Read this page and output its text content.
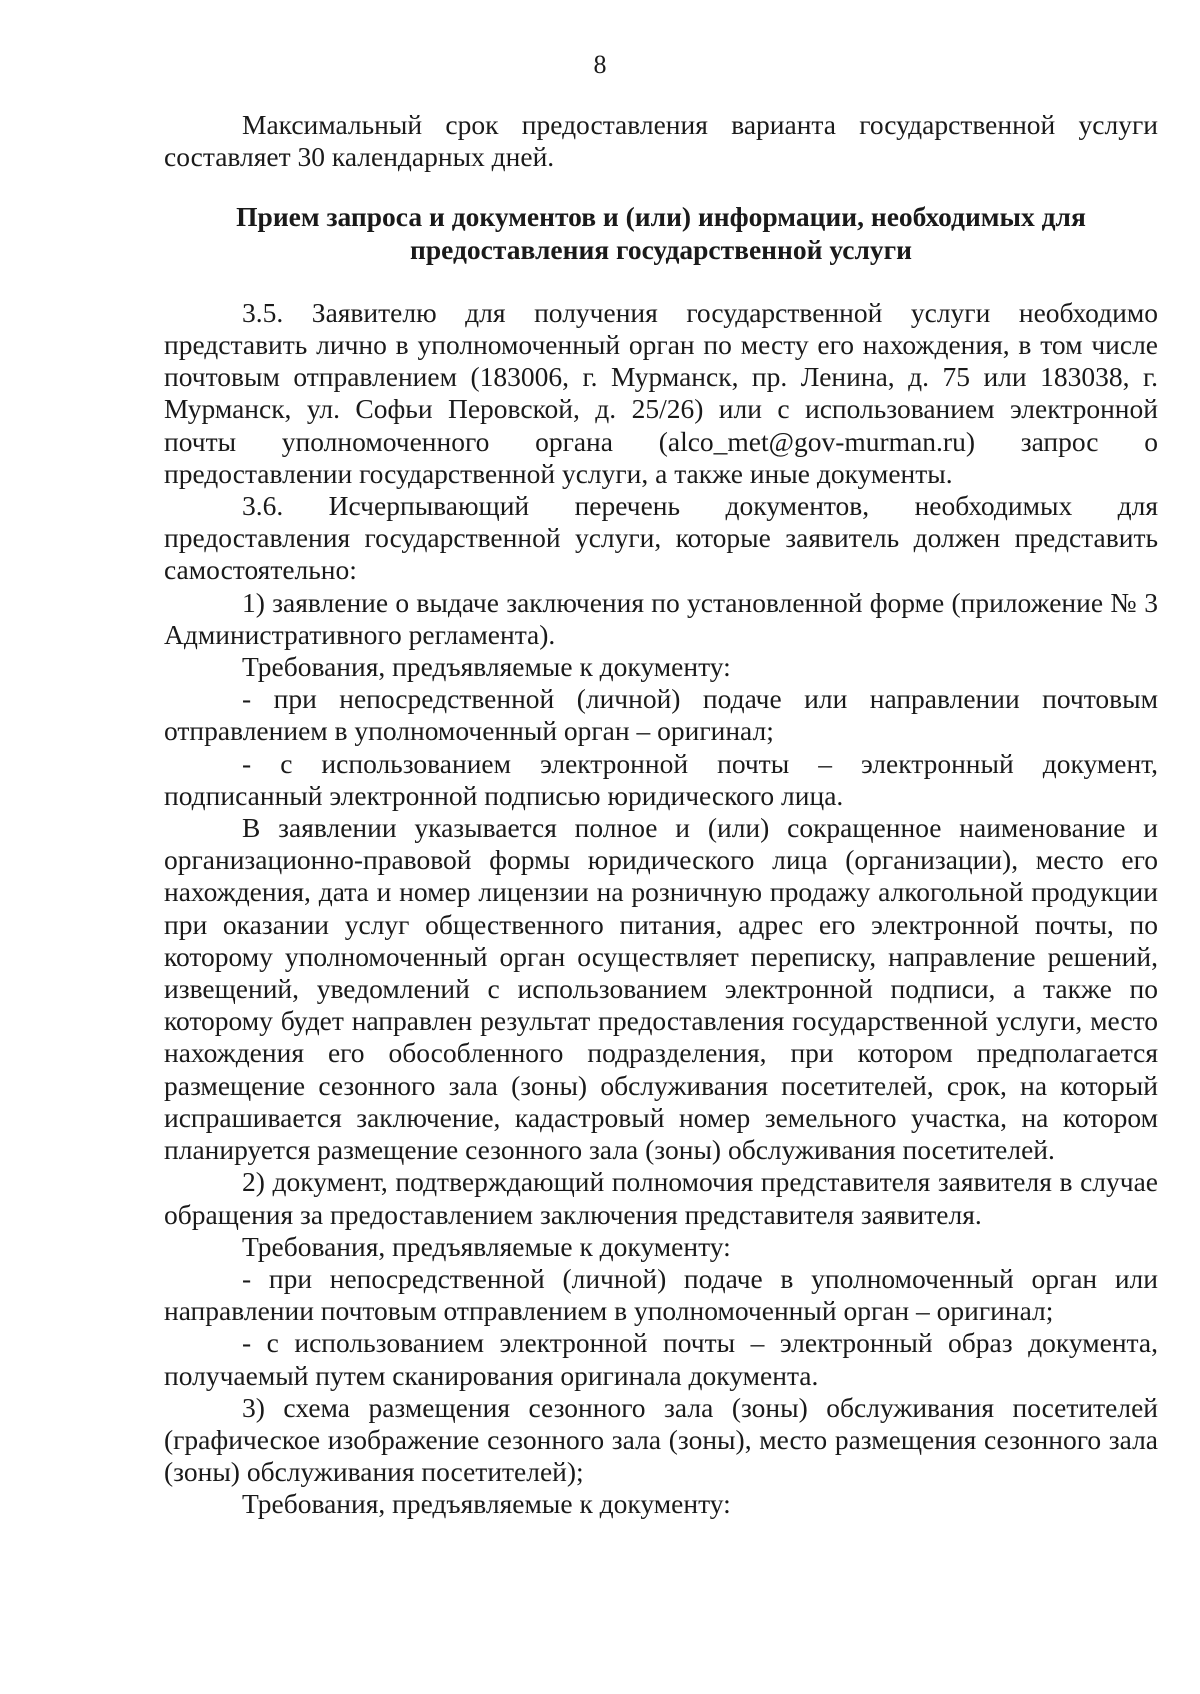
8

Максимальный срок предоставления варианта государственной услуги составляет 30 календарных дней.

Прием запроса и документов и (или) информации, необходимых для предоставления государственной услуги

3.5. Заявителю для получения государственной услуги необходимо представить лично в уполномоченный орган по месту его нахождения, в том числе почтовым отправлением (183006, г. Мурманск, пр. Ленина, д. 75 или 183038, г. Мурманск, ул. Софьи Перовской, д. 25/26) или с использованием электронной почты уполномоченного органа (alco_met@gov-murman.ru) запрос о предоставлении государственной услуги, а также иные документы.

3.6. Исчерпывающий перечень документов, необходимых для предоставления государственной услуги, которые заявитель должен представить самостоятельно:

1) заявление о выдаче заключения по установленной форме (приложение № 3 Административного регламента).

Требования, предъявляемые к документу:

- при непосредственной (личной) подаче или направлении почтовым отправлением в уполномоченный орган – оригинал;

- с использованием электронной почты – электронный документ, подписанный электронной подписью юридического лица.

В заявлении указывается полное и (или) сокращенное наименование и организационно-правовой формы юридического лица (организации), место его нахождения, дата и номер лицензии на розничную продажу алкогольной продукции при оказании услуг общественного питания, адрес его электронной почты, по которому уполномоченный орган осуществляет переписку, направление решений, извещений, уведомлений с использованием электронной подписи, а также по которому будет направлен результат предоставления государственной услуги, место нахождения его обособленного подразделения, при котором предполагается размещение сезонного зала (зоны) обслуживания посетителей, срок, на который испрашивается заключение, кадастровый номер земельного участка, на котором планируется размещение сезонного зала (зоны) обслуживания посетителей.

2) документ, подтверждающий полномочия представителя заявителя в случае обращения за предоставлением заключения представителя заявителя.

Требования, предъявляемые к документу:

- при непосредственной (личной) подаче в уполномоченный орган или направлении почтовым отправлением в уполномоченный орган – оригинал;

- с использованием электронной почты – электронный образ документа, получаемый путем сканирования оригинала документа.

3) схема размещения сезонного зала (зоны) обслуживания посетителей (графическое изображение сезонного зала (зоны), место размещения сезонного зала (зоны) обслуживания посетителей);

Требования, предъявляемые к документу:
